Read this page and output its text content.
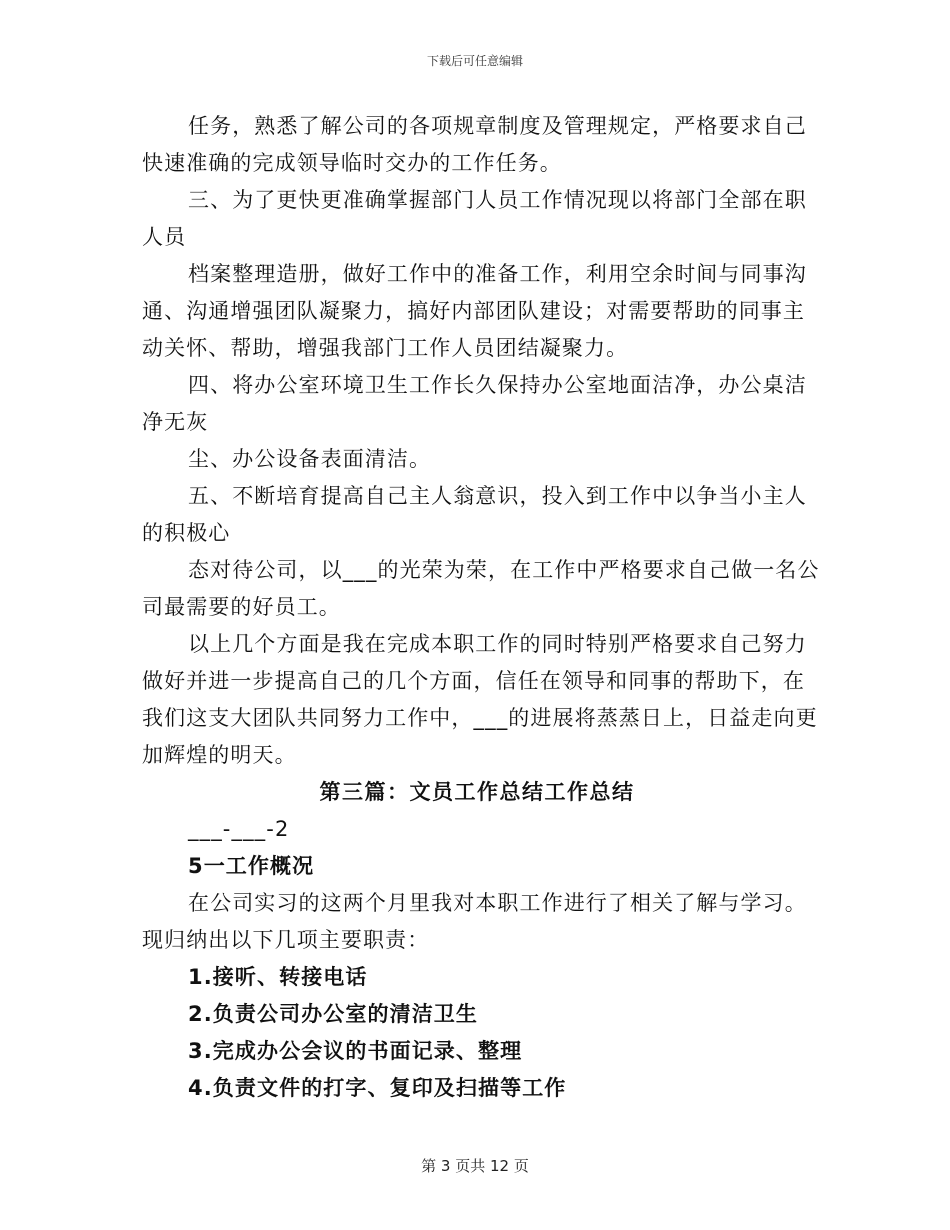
下载后可任意编辑
任务，熟悉了解公司的各项规章制度及管理规定，严格要求自己
快速准确的完成领导临时交办的工作任务。
三、为了更快更准确掌握部门人员工作情况现以将部门全部在职
人员
档案整理造册，做好工作中的准备工作，利用空余时间与同事沟
通、沟通增强团队凝聚力，搞好内部团队建设；对需要帮助的同事主
动关怀、帮助，增强我部门工作人员团结凝聚力。
四、将办公室环境卫生工作长久保持办公室地面洁净，办公桌洁
净无灰
尘、办公设备表面清洁。
五、不断培育提高自己主人翁意识，投入到工作中以争当小主人
的积极心
态对待公司，以___的光荣为荣，在工作中严格要求自己做一名公
司最需要的好员工。
以上几个方面是我在完成本职工作的同时特别严格要求自己努力
做好并进一步提高自己的几个方面，信任在领导和同事的帮助下，在
我们这支大团队共同努力工作中，___的进展将蒸蒸日上，日益走向更
加辉煌的明天。
第三篇：文员工作总结工作总结
___-___-2
5一工作概况
在公司实习的这两个月里我对本职工作进行了相关了解与学习。
现归纳出以下几项主要职责：
1.接听、转接电话
2.负责公司办公室的清洁卫生
3.完成办公会议的书面记录、整理
4.负责文件的打字、复印及扫描等工作
第 3 页共 12 页
